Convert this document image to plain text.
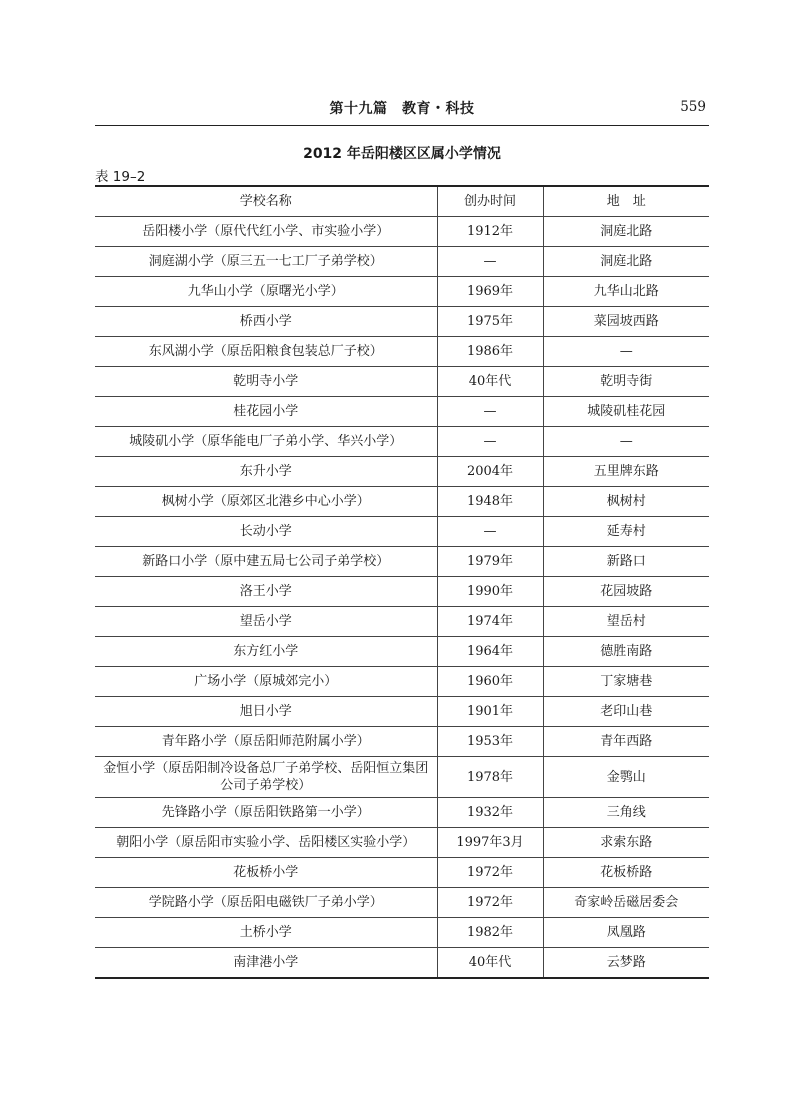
第十九篇　教育・科技	559
2012 年岳阳楼区区属小学情况
表 19–2
学校名称	创办时间	地　址
岳阳楼小学（原代代红小学、市实验小学）	1912年	洞庭北路
洞庭湖小学（原三五一七工厂子弟学校）	—	洞庭北路
九华山小学（原曙光小学）	1969年	九华山北路
桥西小学	1975年	菜园坡西路
东风湖小学（原岳阳粮食包装总厂子校）	1986年	—
乾明寺小学	40年代	乾明寺街
桂花园小学	—	城陵矶桂花园
城陵矶小学（原华能电厂子弟小学、华兴小学）	—	—
东升小学	2004年	五里牌东路
枫树小学（原郊区北港乡中心小学）	1948年	枫树村
长动小学	—	延寿村
新路口小学（原中建五局七公司子弟学校）	1979年	新路口
洛王小学	1990年	花园坡路
望岳小学	1974年	望岳村
东方红小学	1964年	德胜南路
广场小学（原城郊完小）	1960年	丁家塘巷
旭日小学	1901年	老印山巷
青年路小学（原岳阳师范附属小学）	1953年	青年西路
金恒小学（原岳阳制冷设备总厂子弟学校、岳阳恒立集团公司子弟学校）	1978年	金鹗山
先锋路小学（原岳阳铁路第一小学）	1932年	三角线
朝阳小学（原岳阳市实验小学、岳阳楼区实验小学）	1997年3月	求索东路
花板桥小学	1972年	花板桥路
学院路小学（原岳阳电磁铁厂子弟小学）	1972年	奇家岭岳磁居委会
土桥小学	1982年	凤凰路
南津港小学	40年代	云梦路
